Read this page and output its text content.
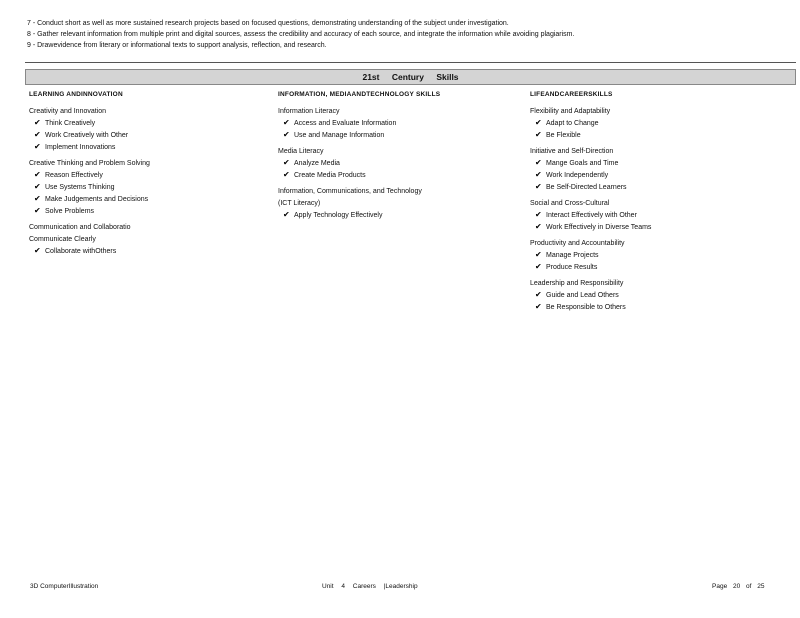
7 - Conduct short as well as more sustained research projects based on focused questions, demonstrating understanding of the subject under investigation.
8 - Gather relevant information from multiple print and digital sources, assess the credibility and accuracy of each source, and integrate the information while avoiding plagiarism.
9 - Drawevidence from literary or informational texts to support analysis, reflection, and research.
21st Century Skills
LEARNING ANDINNOVATION
Creativity and Innovation
✔ Think Creatively
✔ Work Creatively with Other
✔ Implement Innovations
Creative Thinking and Problem Solving
✔ Reason Effectively
✔ Use Systems Thinking
✔ Make Judgements and Decisions
✔ Solve Problems
Communication and Collaboratio
Communicate Clearly
✔ Collaborate withOthers
INFORMATION, MEDIAANDTECHNOLOGY SKILLS
Information Literacy
✔ Access and Evaluate Information
✔ Use and Manage Information
Media Literacy
✔ Analyze Media
✔ Create Media Products
Information, Communications, and Technology
(ICT Literacy)
✔ Apply Technology Effectively
LIFEANDCAREERSKILLS
Flexibility and Adaptability
✔ Adapt to Change
✔ Be Flexible
Initiative and Self-Direction
✔ Mange Goals and Time
✔ Work Independently
✔ Be Self-Directed Learners
Social and Cross-Cultural
✔ Interact Effectively with Other
✔ Work Effectively in Diverse Teams
Productivity and Accountability
✔ Manage Projects
✔ Produce Results
Leadership and Responsibility
✔ Guide and Lead Others
✔ Be Responsible to Others
3D ComputerIllustration	Unit 4 Careers |Leadership	Page 20 of 25
